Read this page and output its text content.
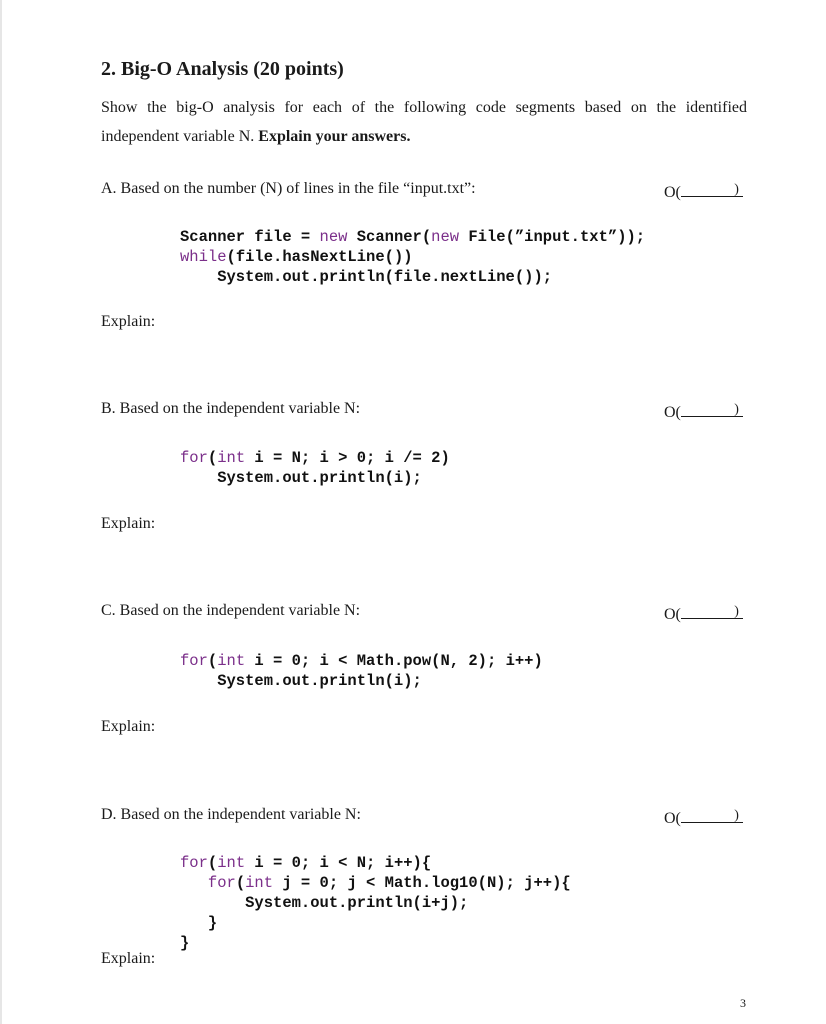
2. Big-O Analysis (20 points)
Show the big-O analysis for each of the following code segments based on the identified independent variable N. Explain your answers.
A. Based on the number (N) of lines in the file “input.txt”:	O(	)
Scanner file = new Scanner(new File(”input.txt”));
while(file.hasNextLine())
System.out.println(file.nextLine());
Explain:
B. Based on the independent variable N:	O(	)
for(int i = N; i > 0; i /= 2)
System.out.println(i);
Explain:
C. Based on the independent variable N:	O(	)
for(int i = 0; i < Math.pow(N, 2); i++)
System.out.println(i);
Explain:
D. Based on the independent variable N:	O(	)
for(int i = 0; i < N; i++){
for(int j = 0; j < Math.log10(N); j++){
System.out.println(i+j);
}
}
Explain:
3
